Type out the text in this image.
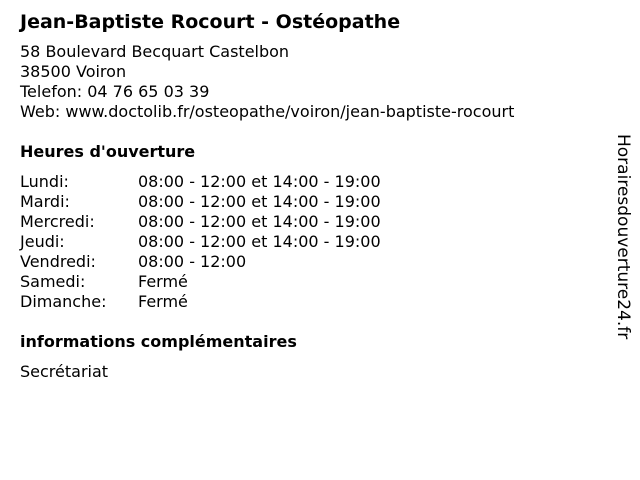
Jean-Baptiste Rocourt - Ostéopathe
58 Boulevard Becquart Castelbon
38500 Voiron
Telefon: 04 76 65 03 39
Web: www.doctolib.fr/osteopathe/voiron/jean-baptiste-rocourt
Heures d'ouverture
Lundi:	08:00 - 12:00 et 14:00 - 19:00
Mardi:	08:00 - 12:00 et 14:00 - 19:00
Mercredi:	08:00 - 12:00 et 14:00 - 19:00
Jeudi:	08:00 - 12:00 et 14:00 - 19:00
Vendredi:	08:00 - 12:00
Samedi:	Fermé
Dimanche:	Fermé
informations complémentaires
Secrétariat
Horairesdouverture24.fr
